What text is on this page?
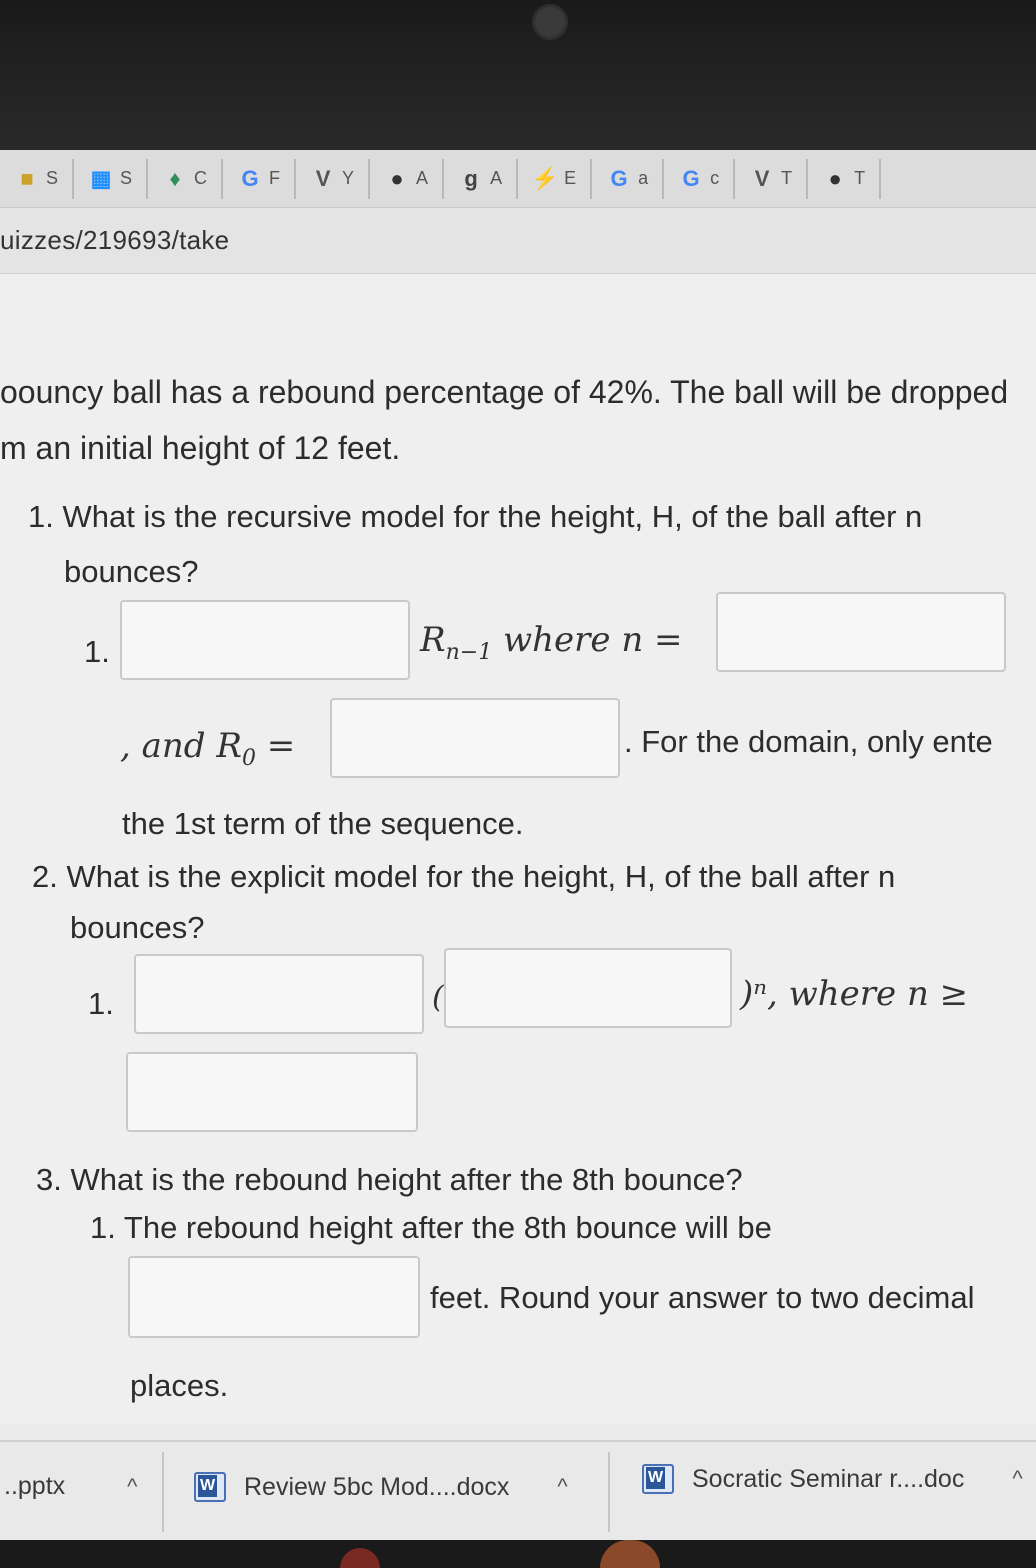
■ S ▦ S	♦ C G F V Y ● A g A ⚡ E G a G c V T ● T
uizzes/219693/take
oouncy ball has a rebound percentage of 42%. The ball will be dropped
m an initial height of 12 feet.
1. What is the recursive model for the height, H, of the ball after n
bounces?
1.	$R_{n-1}$ where n =
, and $R_0$ =	. For the domain, only ente
the 1st term of the sequence.
2. What is the explicit model for the height, H, of the ball after n
bounces?
1.	(	)ⁿ, where n ≥
3. What is the rebound height after the 8th bounce?
1. The rebound height after the 8th bounce will be
feet. Round your answer to two decimal
places.
..pptx	^ W	Review 5bc Mod....docx ^ W	Socratic Seminar r....doc ^
